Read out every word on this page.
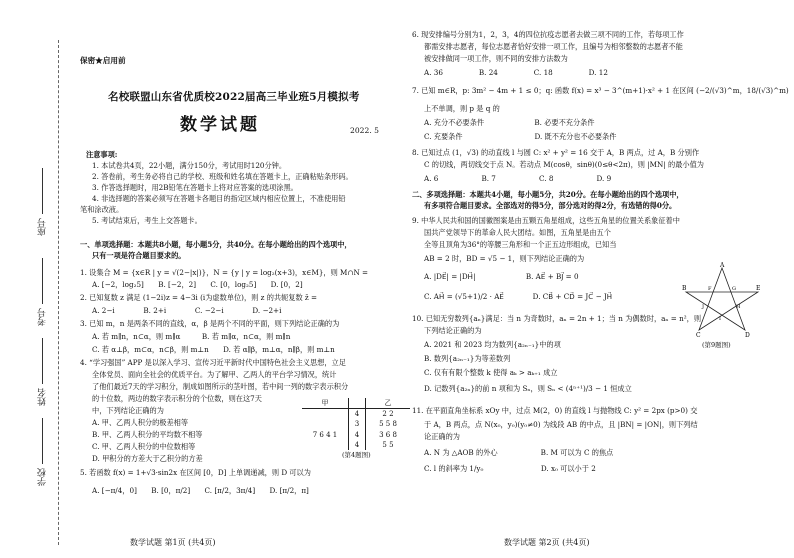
座号
考号
姓名
学校
保密★启用前
名校联盟山东省优质校2022届高三毕业班5月模拟考
数学试题	2022. 5
注意事项:
1. 本试卷共4页，22小题，满分150分，考试用时120分钟。
2. 答卷前，考生务必将自己的学校、班级和姓名填在答题卡上，正确粘贴条形码。
3. 作答选择题时，用2B铅笔在答题卡上将对应答案的选项涂黑。
4. 非选择题的答案必须写在答题卡各题目的指定区域内相应位置上，不准使用铅
笔和涂改液。
5. 考试结束后，考生上交答题卡。
一、单项选择题：本题共8小题，每小题5分，共40分。在每小题给出的四个选项中，
只有一项是符合题目要求的。
1. 设集合 M = {x∈R | y = √(2−|x|)}，N = {y | y = log₂(x+3)，x∈M}，则 M∩N =
A. [−2，log₂5]　　B. [−2，2]　　C. [0，log₂5]　　D. [0，2]
2. 已知复数 z 满足 (1−2i)z = 4−3i (i为虚数单位)，则 z 的共轭复数 z̄ =
A. 2−i　　　　B. 2+i　　　　C. −2−i　　　　D. −2+i
3. 已知 m，n 是两条不同的直线，α，β 是两个不同的平面，则下列结论正确的为
A. 若 m∥n，n⊂α，则 m∥α　　　B. 若 m∥α，n⊂α，则 m∥n
C. 若 α⊥β，m⊂α，n⊂β，则 m⊥n　　D. 若 α∥β，m⊥α，n∥β，则 m⊥n
4. “学习强国” APP 是以深入学习、宣传习近平新时代中国特色社会主义思想，立足
全体党员、面向全社会的优质平台。为了解甲、乙两人的平台学习情况，统计
了他们最近7天的学习积分，制成如图所示的茎叶图，若中间一列的数字表示积分
的十位数，两边的数字表示积分的个位数，则在这7天
中，下列结论正确的为
A. 甲、乙两人积分的极差相等
B. 甲、乙两人积分的平均数不相等
C. 甲、乙两人积分的中位数相等
D. 甲积分的方差大于乙积分的方差
5. 若函数 f(x) = 1+√3·sin2x 在区间 [0，D] 上单调递减，则 D 可以为
A. [−π/4，0]　　B. [0，π/2]　　C. [π/2，3π/4]　　D. [π/2，π]
甲		乙
	4	2 2
	3	5 5 8
7 6 4 1	4	3 6 8
	4	5 5
(第4题图)
数学试题 第1页 (共4页)
6. 现安排编号分别为1，2，3，4的四位抗疫志愿者去做三项不同的工作，若每项工作
都需安排志愿者，每位志愿者恰好安排一项工作，且编号为相邻整数的志愿者不能
被安排做同一项工作，则不同的安排方法数为
A. 36　　　　　B. 24　　　　　C. 18　　　　　D. 12
7. 已知 m∈R，p: 3m² − 4m + 1 ≤ 0；q: 函数 f(x) = x³ − 3^(m+1)·x² + 1 在区间 (−2/(√3)^m，18/(√3)^m)
上不单调，则 p 是 q 的
A. 充分不必要条件　　　　　　　B. 必要不充分条件
C. 充要条件　　　　　　　　　　D. 既不充分也不必要条件
8. 已知过点 (1，√3) 的动直线 l 与圆 C: x² + y² = 16 交于 A，B 两点，过 A，B 分别作
C 的切线，两切线交于点 N。若动点 M(cosθ，sinθ)(0≤θ<2π)，则 |MN| 的最小值为
A. 6　　　　　　B. 7　　　　　　C. 8　　　　　　D. 9
二、多项选择题：本题共4小题，每小题5分，共20分。在每小题给出的四个选项中，
有多项符合题目要求。全部选对的得5分，部分选对的得2分，有选错的得0分。
9. 中华人民共和国的国徽图案是由五颗五角星组成，这些五角星的位置关系象征着中
国共产党领导下的革命人民大团结。如图，五角星是由五个
全等且顶角为36°的等腰三角形和一个正五边形组成，已知当
AB = 2 时，BD = √5 − 1，则下列结论正确的为
A. |DE⃗| = |DH⃗|　　　　　　　B. AE⃗ + BJ⃗ = 0
C. AH⃗ = (√5+1)/2 · AE⃗　　　　D. CB⃗ + CD⃗ = JC⃗ − JH⃗
10. 已知无穷数列{aₙ}满足：当 n 为奇数时，aₙ = 2n + 1；当 n 为偶数时，aₙ = n²，则
下列结论正确的为
A. 2021 和 2023 均为数列{a₂ₙ₋₁}中的项
B. 数列{a₂ₙ₋₁}为等差数列
C. 仅有有限个整数 k 使得 aₖ > aₖ₊₁ 成立
D. 记数列{a₂ₙ}的前 n 项和为 Sₙ，则 Sₙ < (4ⁿ⁺¹)/3 − 1 恒成立
11. 在平面直角坐标系 xOy 中，过点 M(2，0) 的直线 l 与抛物线 C: y² = 2px (p>0) 交
于 A，B 两点，点 N(x₀，y₀)(y₀≠0) 为线段 AB 的中点，且 |BN| = |ON|，则下列结
论正确的为
A. N 为 △AOB 的外心　　　　　　B. M 可以为 C 的焦点
C. l 的斜率为 1/y₀　　　　　　　　D. x₀ 可以小于 2
A
B
C	D
E
F	G
H
I
J
(第9题图)
数学试题 第2页 (共4页)
